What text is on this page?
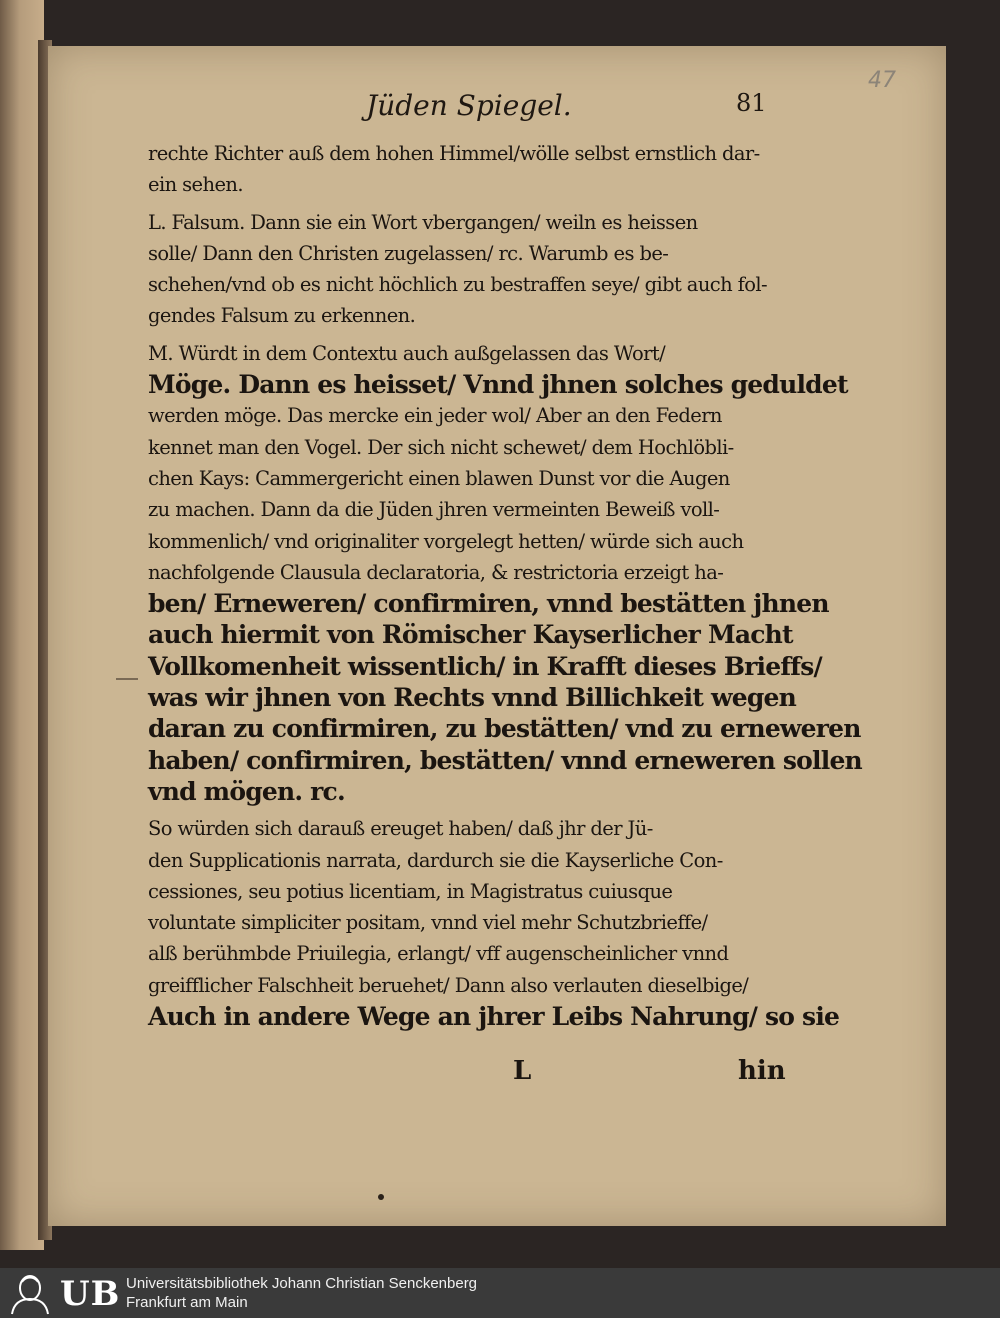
Jüden Spiegel.	81
47
rechte Richter auß dem hohen Himmel/wölle selbst ernstlich dar-
ein sehen.
L. Falsum. Dann sie ein Wort vbergangen/ weiln es heissen
solle/ Dann den Christen zugelassen/ rc. Warumb es be-
schehen/vnd ob es nicht höchlich zu bestraffen seye/ gibt auch fol-
gendes Falsum zu erkennen.
M. Würdt in dem Contextu auch außgelassen das Wort/
Möge. Dann es heisset/ Vnnd jhnen solches geduldet
werden möge. Das mercke ein jeder wol/ Aber an den Federn
kennet man den Vogel. Der sich nicht schewet/ dem Hochlöbli-
chen Kays: Cammergericht einen blawen Dunst vor die Augen
zu machen. Dann da die Jüden jhren vermeinten Beweiß voll-
kommenlich/ vnd originaliter vorgelegt hetten/ würde sich auch
nachfolgende Clausula declaratoria, & restrictoria erzeigt ha-
ben/ Erneweren/ confirmiren, vnnd bestätten jhnen
auch hiermit von Römischer Kayserlicher Macht
Vollkomenheit wissentlich/ in Krafft dieses Brieffs/
was wir jhnen von Rechts vnnd Billichkeit wegen
daran zu confirmiren, zu bestätten/ vnd zu erneweren
haben/ confirmiren, bestätten/ vnnd erneweren sollen
vnd mögen. rc.
So würden sich darauß ereuget haben/ daß jhr der Jü-
den Supplicationis narrata, dardurch sie die Kayserliche Con-
cessiones, seu potius licentiam, in Magistratus cuiusque
voluntate simpliciter positam, vnnd viel mehr Schutzbrieffe/
alß berühmbde Priuilegia, erlangt/ vff augenscheinlicher vnnd
greifflicher Falschheit beruehet/ Dann also verlauten dieselbige/
Auch in andere Wege an jhrer Leibs Nahrung/ so sie
L	hin
UB Universitätsbibliothek Johann Christian Senckenberg
Frankfurt am Main
